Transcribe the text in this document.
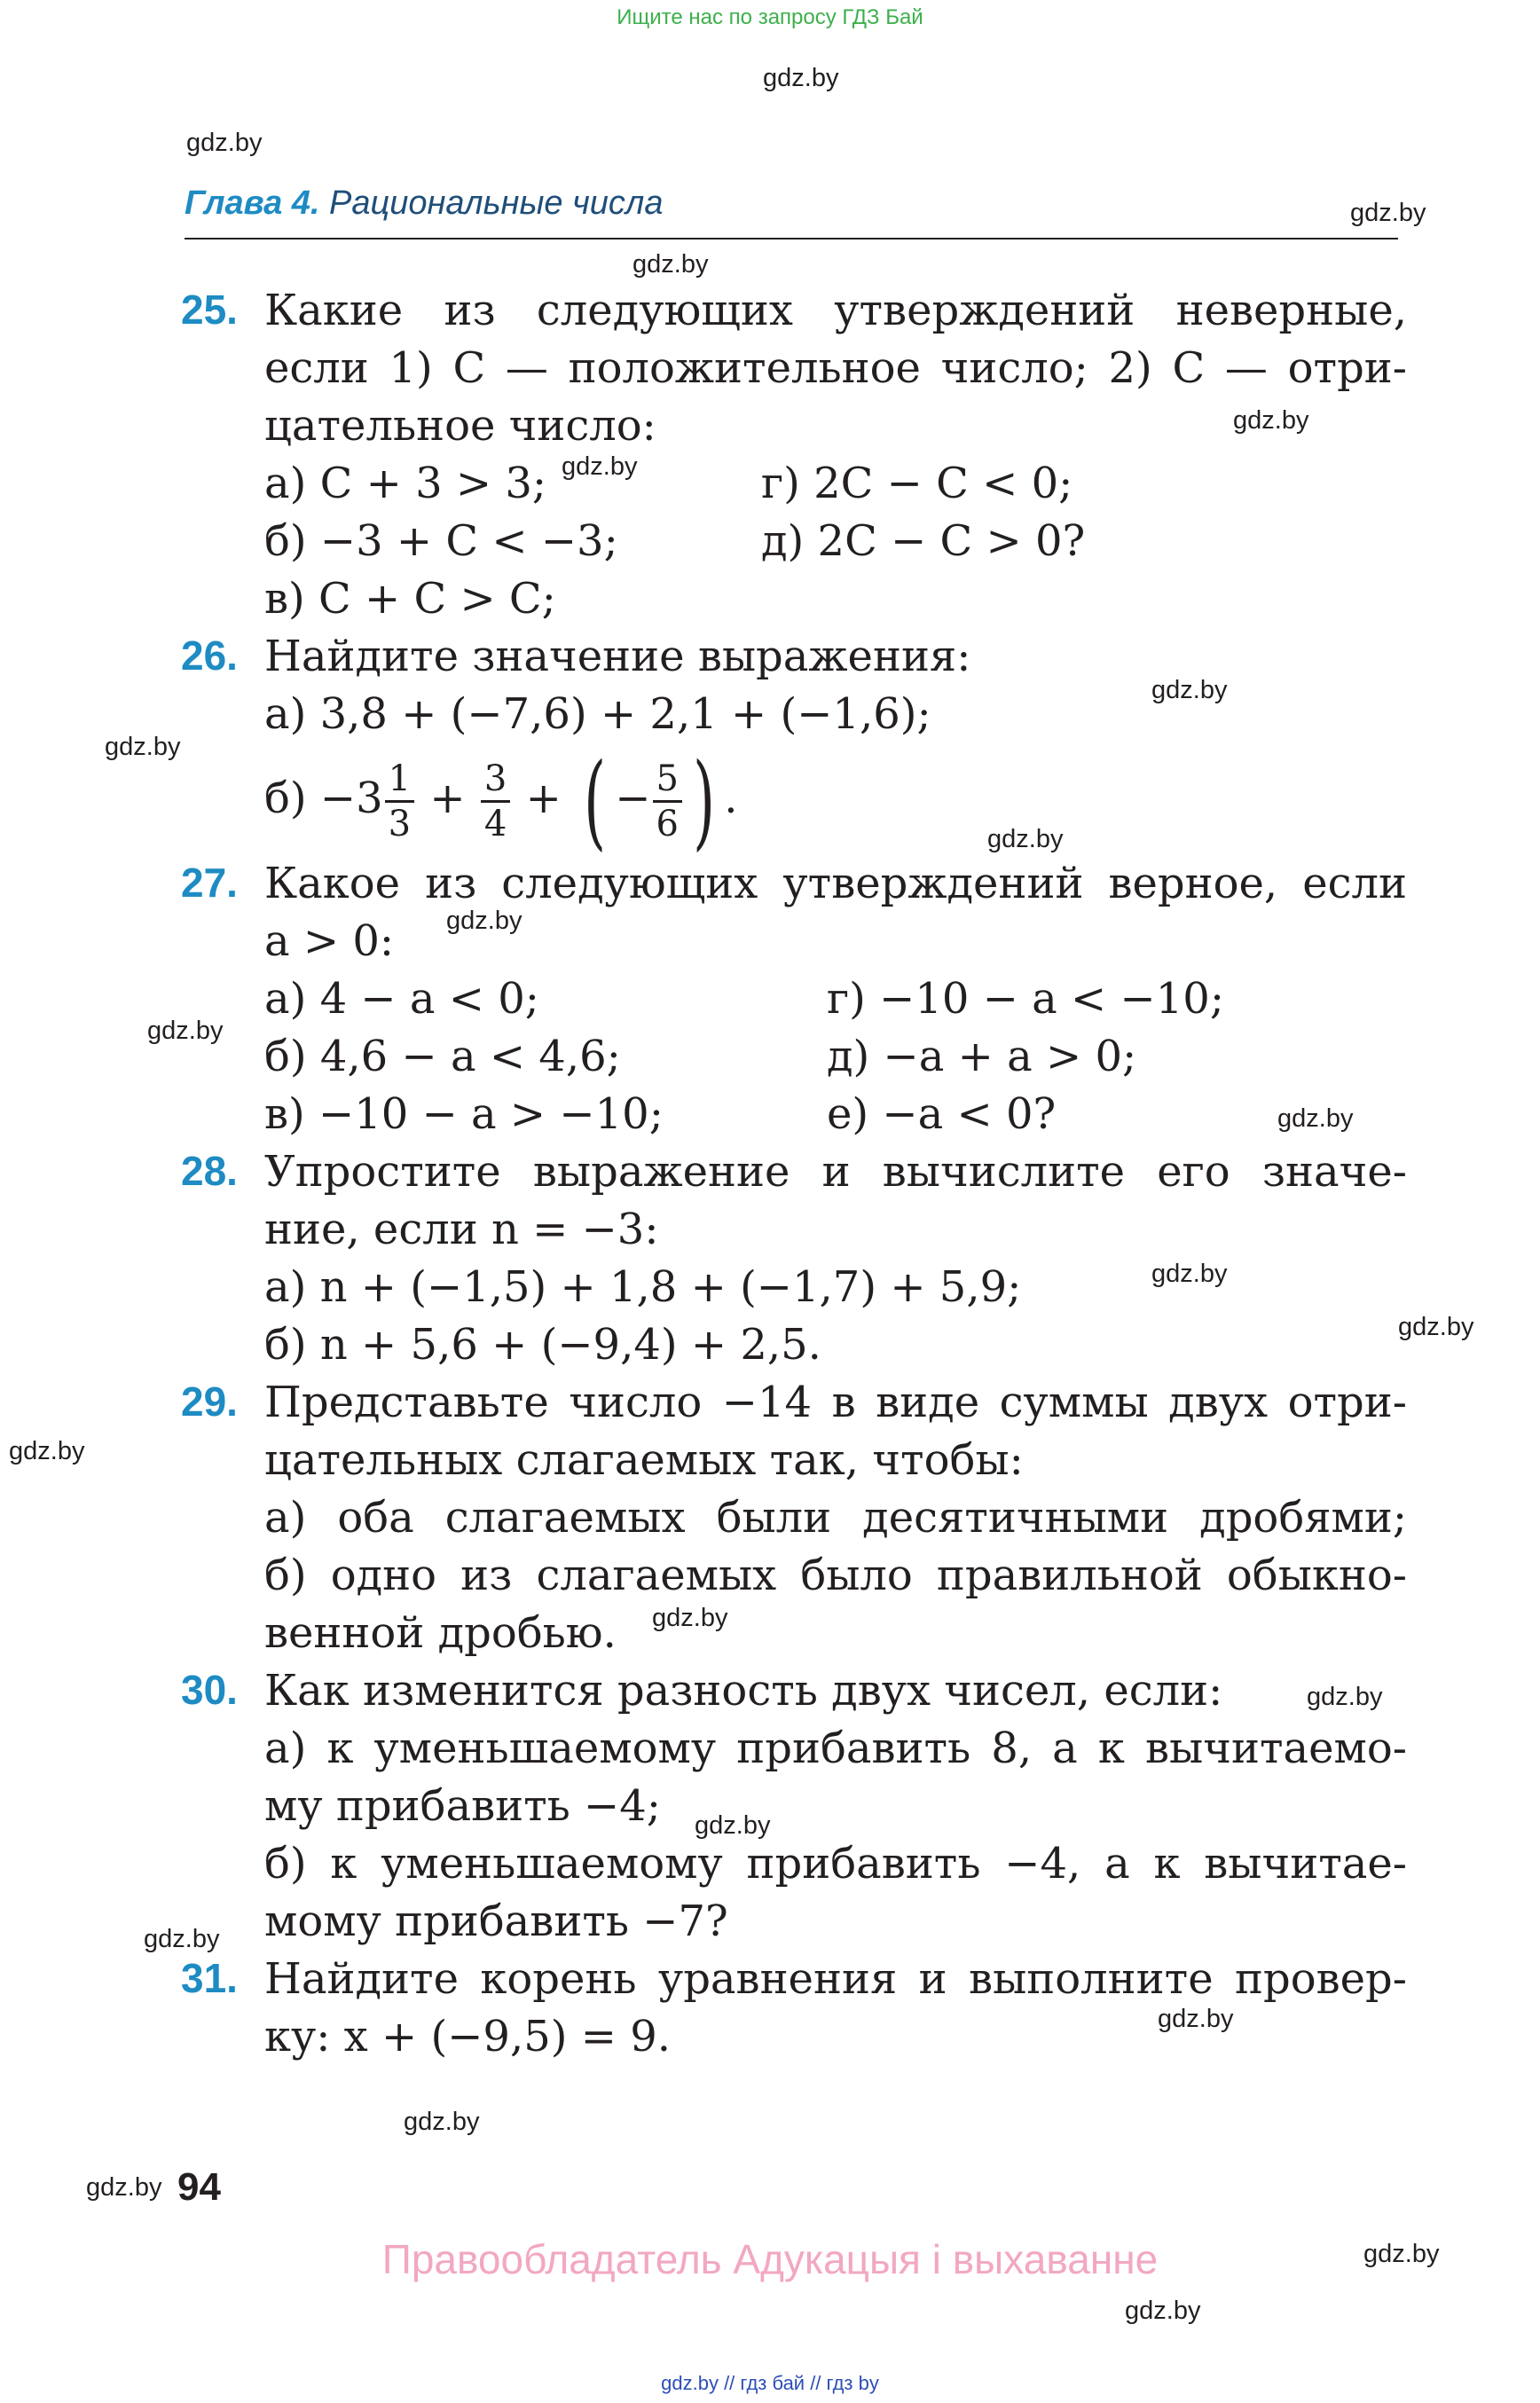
Ищите нас по запросу ГДЗ Бай
gdz.by
gdz.by
gdz.by
gdz.by
gdz.by
gdz.by
gdz.by
gdz.by
gdz.by
gdz.by
gdz.by
gdz.by
gdz.by
gdz.by
gdz.by
gdz.by
gdz.by
gdz.by
gdz.by
gdz.by
gdz.by
gdz.by
gdz.by
gdz.by
Глава 4. Рациональные числа
25. Какие из следующих утверждений неверные,
если 1) C — положительное число; 2) C — отри-
цательное число:
а) C + 3 > 3;	г) 2C − C < 0;
б) −3 + C < −3;	д) 2C − C > 0?
в) C + C > C;
26. Найдите значение выражения:
а) 3,8 + (−7,6) + 2,1 + (−1,6);
$б) -3 \frac{1}{3} + \frac{3}{4}$ + ( − $\frac{5}{6}$ ) .
27. Какое из следующих утверждений верное, если
a > 0:
а) 4 − a < 0;	г) −10 − a < −10;
б) 4,6 − a < 4,6;	д) −a + a > 0;
в) −10 − a > −10;	е) −a < 0?
28. Упростите выражение и вычислите его значе-
ние, если n = −3:
а) n + (−1,5) + 1,8 + (−1,7) + 5,9;
б) n + 5,6 + (−9,4) + 2,5.
29. Представьте число −14 в виде суммы двух отри-
цательных слагаемых так, чтобы:
а) оба слагаемых были десятичными дробями;
б) одно из слагаемых было правильной обыкно-
венной дробью.
30. Как изменится разность двух чисел, если:
а) к уменьшаемому прибавить 8, а к вычитаемо-
му прибавить −4;
б) к уменьшаемому прибавить −4, а к вычитае-
мому прибавить −7?
31. Найдите корень уравнения и выполните провер-
ку: x + (−9,5) = 9.
94
Правообладатель Адукацыя і выхаванне
gdz.by // гдз бай // гдз by
